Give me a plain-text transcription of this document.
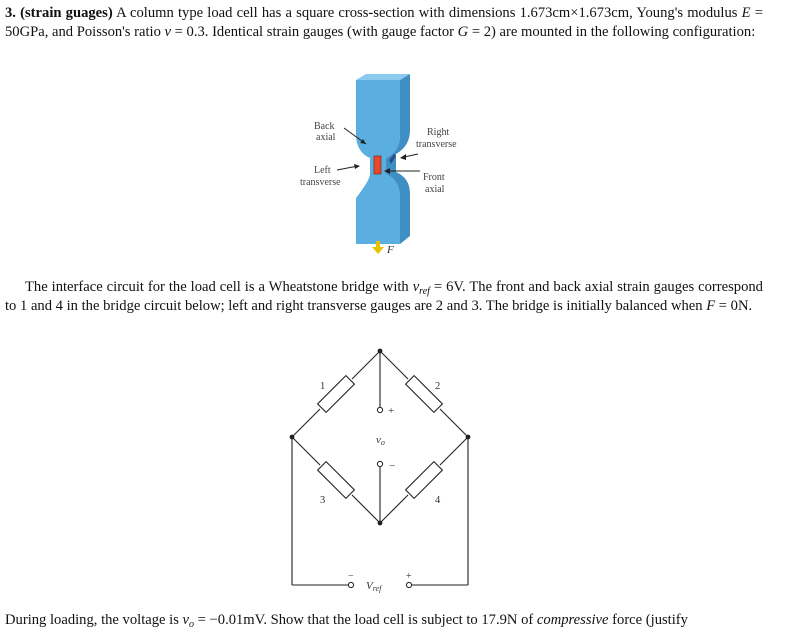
3. (strain guages) A column type load cell has a square cross-section with dimensions 1.673cm×1.673cm, Young's modulus E = 50GPa, and Poisson's ratio ν = 0.3. Identical strain gauges (with gauge factor G = 2) are mounted in the following configuration:

F
Back
axial
Left
transverse
Right
transverse
Front
axial

The interface circuit for the load cell is a Wheatstone bridge with $v_{ref} = 6V$. The front and back axial strain gauges correspond to 1 and 4 in the bridge circuit below; left and right transverse gauges are 2 and 3. The bridge is initially balanced when F = 0N.

1	2
3	4
+
−
vo
−	+
Vref

During loading, the voltage is $v_o = -0.01mV$. Show that the load cell is subject to 17.9N of compressive force (justify
